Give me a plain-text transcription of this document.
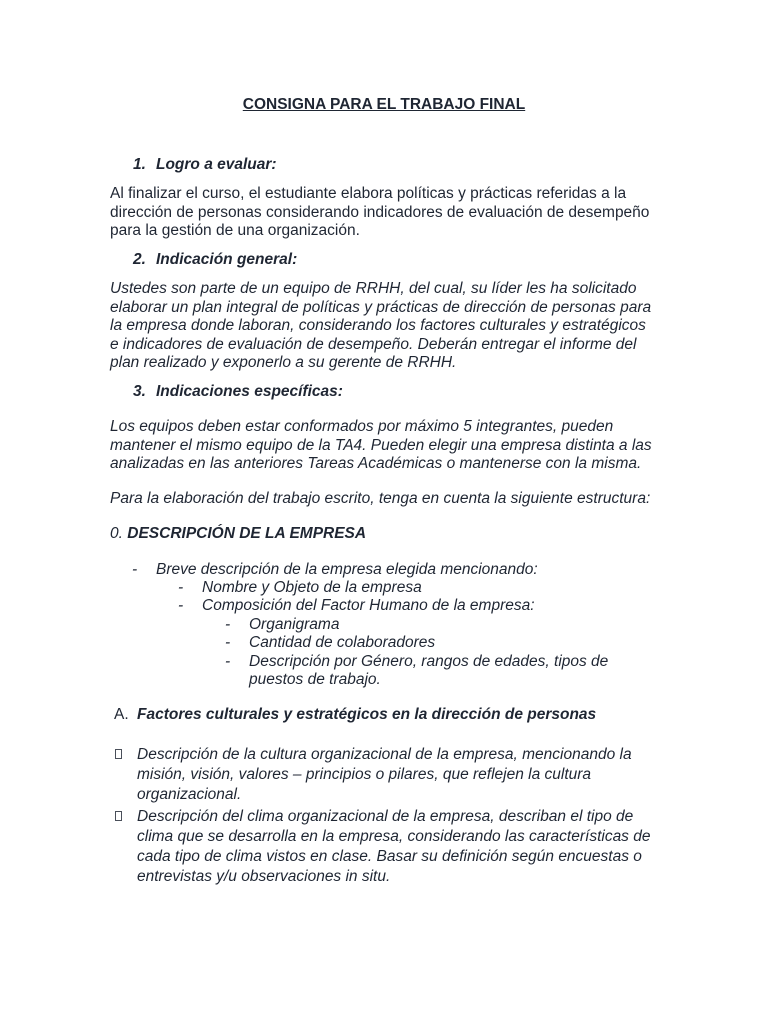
CONSIGNA PARA EL TRABAJO FINAL
1. Logro a evaluar:
Al finalizar el curso, el estudiante elabora políticas y prácticas referidas a la
dirección de personas considerando indicadores de evaluación de desempeño
para la gestión de una organización.
2. Indicación general:
Ustedes son parte de un equipo de RRHH, del cual, su líder les ha solicitado
elaborar un plan integral de políticas y prácticas de dirección de personas para
la empresa donde laboran, considerando los factores culturales y estratégicos
e indicadores de evaluación de desempeño. Deberán entregar el informe del
plan realizado y exponerlo a su gerente de RRHH.
3. Indicaciones específicas:
Los equipos deben estar conformados por máximo 5 integrantes, pueden
mantener el mismo equipo de la TA4. Pueden elegir una empresa distinta a las
analizadas en las anteriores Tareas Académicas o mantenerse con la misma.
Para la elaboración del trabajo escrito, tenga en cuenta la siguiente estructura:
0. DESCRIPCIÓN DE LA EMPRESA
- Breve descripción de la empresa elegida mencionando:
- Nombre y Objeto de la empresa
- Composición del Factor Humano de la empresa:
- Organigrama
- Cantidad de colaboradores
- Descripción por Género, rangos de edades, tipos de
puestos de trabajo.
A. Factores culturales y estratégicos en la dirección de personas
Descripción de la cultura organizacional de la empresa, mencionando la
misión, visión, valores – principios o pilares, que reflejen la cultura
organizacional.
Descripción del clima organizacional de la empresa, describan el tipo de
clima que se desarrolla en la empresa, considerando las características de
cada tipo de clima vistos en clase. Basar su definición según encuestas o
entrevistas y/u observaciones in situ.
